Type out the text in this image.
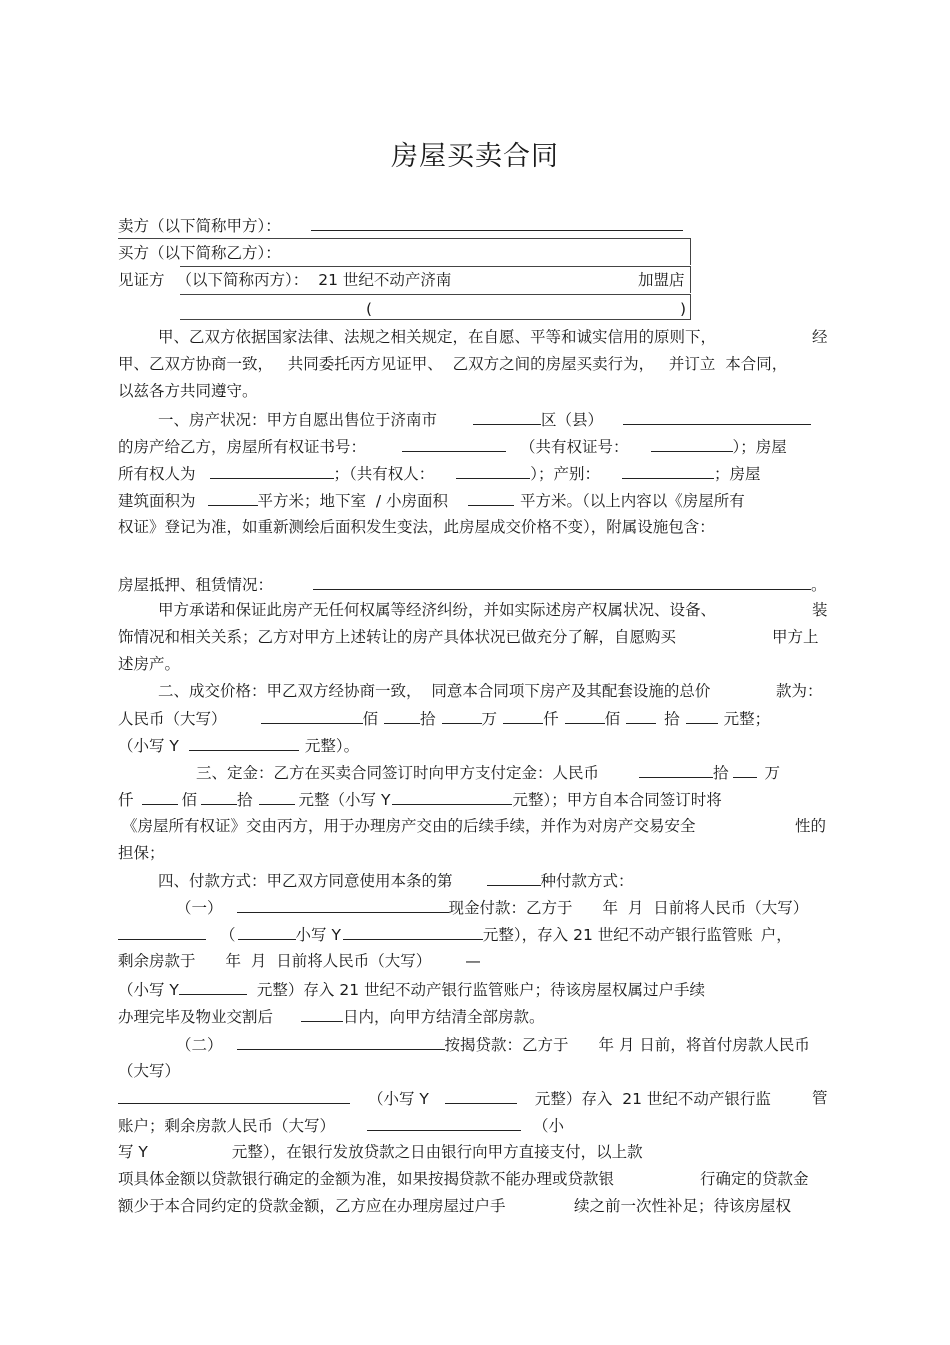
房屋买卖合同
卖方（以下简称甲方）：
买方（以下简称乙方）：
见证方 （以下简称丙方）： 21 世纪不动产济南	加盟店
(	)
甲、乙双方依据国家法律、法规之相关规定，在自愿、平等和诚实信用的原则下，	经
甲、乙双方协商一致，   共同委托丙方见证甲、  乙双方之间的房屋买卖行为，   并订立  本合同，
以兹各方共同遵守。
一、房产状况：甲方自愿出售位于济南市	区（县）
的房产给乙方，房屋所有权证书号：	（共有权证号：	）；房屋
所有权人为	；（共有权人：	）；产别：	；房屋
建筑面积为	平方米；地下室  / 小房面积	平方米。（以上内容以《房屋所有
权证》登记为准，如重新测绘后面积发生变法，此房屋成交价格不变），附属设施包含：
房屋抵押、租赁情况：	。
甲方承诺和保证此房产无任何权属等经济纠纷，并如实际述房产权属状况、设备、	装
饰情况和相关关系；乙方对甲方上述转让的房产具体状况已做充分了解，自愿购买	甲方上
述房产。
二、成交价格：甲乙双方经协商一致，  同意本合同项下房产及其配套设施的总价	款为：
人民币（大写）	佰	拾	万	仟	佰	拾	元整；
（小写 Y	元整）。
三、定金：乙方在买卖合同签订时向甲方支付定金：人民币	拾 万
仟	佰	拾	元整（小写 Y	元整）；甲方自本合同签订时将
《房屋所有权证》交由丙方，用于办理房产交由的后续手续，并作为对房产交易安全	性的
担保；
四、付款方式：甲乙双方同意使用本条的第	种付款方式：
（一）	现金付款：乙方于 年  月  日前将人民币（大写）
（	小写 Y	元整），存入 21 世纪不动产银行监管账 户，
剩余房款于 年  月  日前将人民币（大写） —
（小写 Y	元整）存入 21 世纪不动产银行监管账户；待该房屋权属过户手续
办理完毕及物业交割后	日内，向甲方结清全部房款。
（二）	按揭贷款：乙方于 年 月 日前，将首付房款人民币
（大写）
（小写 Y	元整）存入  21 世纪不动产银行监	管
账户；剩余房款人民币（大写）	（小
写 Y	元整），在银行发放贷款之日由银行向甲方直接支付，以上款
项具体金额以贷款银行确定的金额为准，如果按揭贷款不能办理或贷款银	行确定的贷款金
额少于本合同约定的贷款金额，乙方应在办理房屋过户手	续之前一次性补足；待该房屋权
